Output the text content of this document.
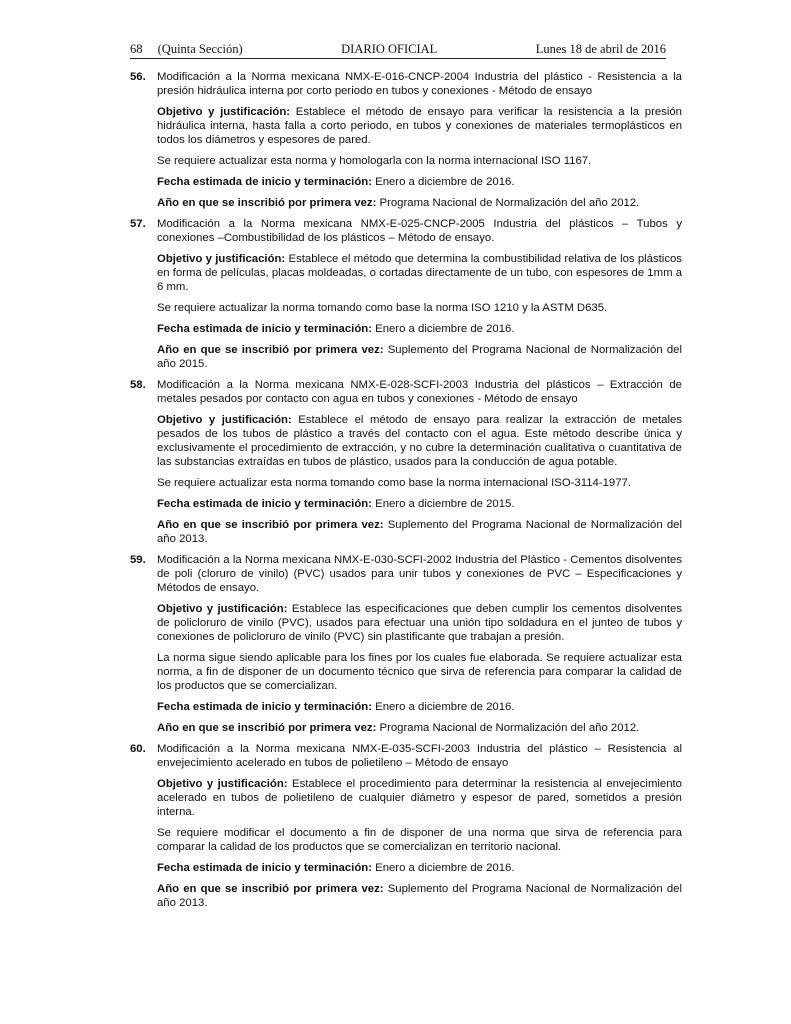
68 (Quinta Sección)	DIARIO OFICIAL	Lunes 18 de abril de 2016
56. Modificación a la Norma mexicana NMX-E-016-CNCP-2004 Industria del plástico - Resistencia a la presión hidráulica interna por corto periodo en tubos y conexiones - Método de ensayo
Objetivo y justificación: Establece el método de ensayo para verificar la resistencia a la presión hidráulica interna, hasta falla a corto periodo, en tubos y conexiones de materiales termoplásticos en todos los diámetros y espesores de pared.
Se requiere actualizar esta norma y homologarla con la norma internacional ISO 1167.
Fecha estimada de inicio y terminación: Enero a diciembre de 2016.
Año en que se inscribió por primera vez: Programa Nacional de Normalización del año 2012.
57. Modificación a la Norma mexicana NMX-E-025-CNCP-2005 Industria del plásticos – Tubos y conexiones –Combustibilidad de los plásticos – Método de ensayo.
Objetivo y justificación: Establece el método que determina la combustibilidad relativa de los plásticos en forma de películas, placas moldeadas, o cortadas directamente de un tubo, con espesores de 1mm a 6 mm.
Se requiere actualizar la norma tomando como base la norma ISO 1210 y la ASTM D635.
Fecha estimada de inicio y terminación: Enero a diciembre de 2016.
Año en que se inscribió por primera vez: Suplemento del Programa Nacional de Normalización del año 2015.
58. Modificación a la Norma mexicana NMX-E-028-SCFI-2003 Industria del plásticos – Extracción de metales pesados por contacto con agua en tubos y conexiones - Método de ensayo
Objetivo y justificación: Establece el método de ensayo para realizar la extracción de metales pesados de los tubos de plástico a través del contacto con el agua. Este método describe única y exclusivamente el procedimiento de extracción, y no cubre la determinación cualitativa o cuantitativa de las substancias extraídas en tubos de plástico, usados para la conducción de agua potable.
Se requiere actualizar esta norma tomando como base la norma internacional ISO-3114-1977.
Fecha estimada de inicio y terminación: Enero a diciembre de 2015.
Año en que se inscribió por primera vez: Suplemento del Programa Nacional de Normalización del año 2013.
59. Modificación a la Norma mexicana NMX-E-030-SCFI-2002 Industria del Plástico - Cementos disolventes de poli (cloruro de vinilo) (PVC) usados para unir tubos y conexiones de PVC – Especificaciones y Métodos de ensayo.
Objetivo y justificación: Establece las especificaciones que deben cumplir los cementos disolventes de policloruro de vinilo (PVC), usados para efectuar una unión tipo soldadura en el junteo de tubos y conexiones de policloruro de vinilo (PVC) sin plastificante que trabajan a presión.
La norma sigue siendo aplicable para los fines por los cuales fue elaborada. Se requiere actualizar esta norma, a fin de disponer de un documento técnico que sirva de referencia para comparar la calidad de los productos que se comercializan.
Fecha estimada de inicio y terminación: Enero a diciembre de 2016.
Año en que se inscribió por primera vez: Programa Nacional de Normalización del año 2012.
60. Modificación a la Norma mexicana NMX-E-035-SCFI-2003 Industria del plástico – Resistencia al envejecimiento acelerado en tubos de polietileno – Método de ensayo
Objetivo y justificación: Establece el procedimiento para determinar la resistencia al envejecimiento acelerado en tubos de polietileno de cualquier diámetro y espesor de pared, sometidos a presión interna.
Se requiere modificar el documento a fin de disponer de una norma que sirva de referencia para comparar la calidad de los productos que se comercializan en territorio nacional.
Fecha estimada de inicio y terminación: Enero a diciembre de 2016.
Año en que se inscribió por primera vez: Suplemento del Programa Nacional de Normalización del año 2013.
